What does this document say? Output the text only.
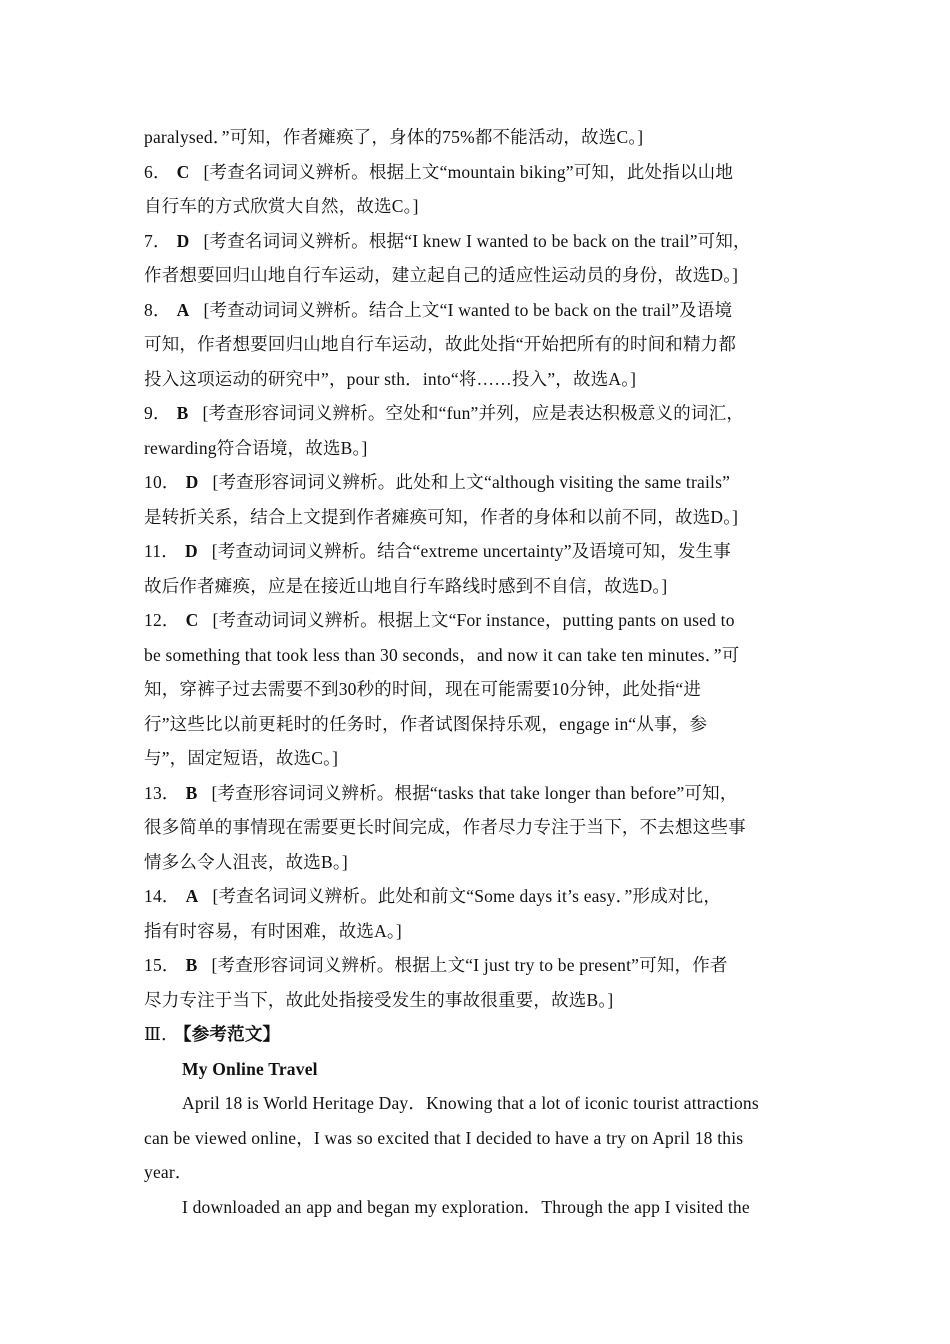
paralysed．”可知，作者瘫痪了，身体的75%都不能活动，故选C。]
6． C [考查名词词义辨析。根据上文“mountain biking”可知，此处指以山地
自行车的方式欣赏大自然，故选C。]
7． D [考查名词词义辨析。根据“I knew I wanted to be back on the trail”可知，
作者想要回归山地自行车运动，建立起自己的适应性运动员的身份，故选D。]
8． A [考查动词词义辨析。结合上文“I wanted to be back on the trail”及语境
可知，作者想要回归山地自行车运动，故此处指“开始把所有的时间和精力都
投入这项运动的研究中”，pour sth．into“将……投入”，故选A。]
9． B [考查形容词词义辨析。空处和“fun”并列，应是表达积极意义的词汇，
rewarding符合语境，故选B。]
10． D [考查形容词词义辨析。此处和上文“although visiting the same trails”
是转折关系，结合上文提到作者瘫痪可知，作者的身体和以前不同，故选D。]
11． D [考查动词词义辨析。结合“extreme uncertainty”及语境可知，发生事
故后作者瘫痪，应是在接近山地自行车路线时感到不自信，故选D。]
12． C [考查动词词义辨析。根据上文“For instance，putting pants on used to
be something that took less than 30 seconds，and now it can take ten minutes．”可
知，穿裤子过去需要不到30秒的时间，现在可能需要10分钟，此处指“进
行”这些比以前更耗时的任务时，作者试图保持乐观，engage in“从事，参
与”，固定短语，故选C。]
13． B [考查形容词词义辨析。根据“tasks that take longer than before”可知，
很多简单的事情现在需要更长时间完成，作者尽力专注于当下，不去想这些事
情多么令人沮丧，故选B。]
14． A [考查名词词义辨析。此处和前文“Some days it’s easy．”形成对比，
指有时容易，有时困难，故选A。]
15． B [考查形容词词义辨析。根据上文“I just try to be present”可知，作者
尽力专注于当下，故此处指接受发生的事故很重要，故选B。]
Ⅲ． 【参考范文】
My Online Travel
April 18 is World Heritage Day．Knowing that a lot of iconic tourist attractions
can be viewed online，I was so excited that I decided to have a try on April 18 this
year．
I downloaded an app and began my exploration．Through the app I visited the
